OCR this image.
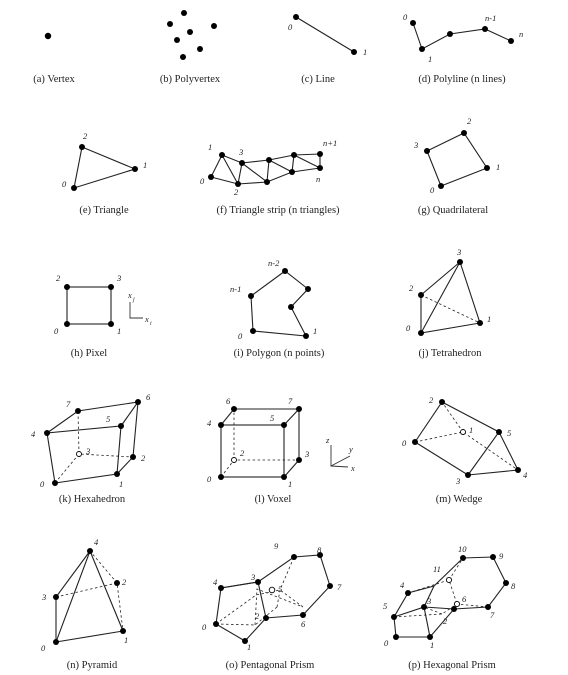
(a) Vertex	(b) Polyvertex
0
1
(c) Line
0
1
n-1
n
(d) Polyline (n lines)
0
1
2
(e) Triangle
0
1
2
3
n
n+1
(f) Triangle strip (n triangles)
0
1
2
3
(g) Quadrilateral
0	1
2	3
x j
x i
(h) Pixel
0	1
n-1
n-2
(i) Polygon (n points)
0
1
2
3
(j) Tetrahedron
0	1
2
3
4
5
6
7
(k) Hexahedron
0	1
2	3
4	5
6	7
z
y
x
(l) Voxel
0
1
2
3
4
5
(m) Wedge
0
1
2
3
4
(n) Pyramid
0
1
2
3
4
5
6
7
8
9
(o) Pentagonal Prism
0	1
2
3
4
5
6
7
8
9
10
11
(p) Hexagonal Prism
